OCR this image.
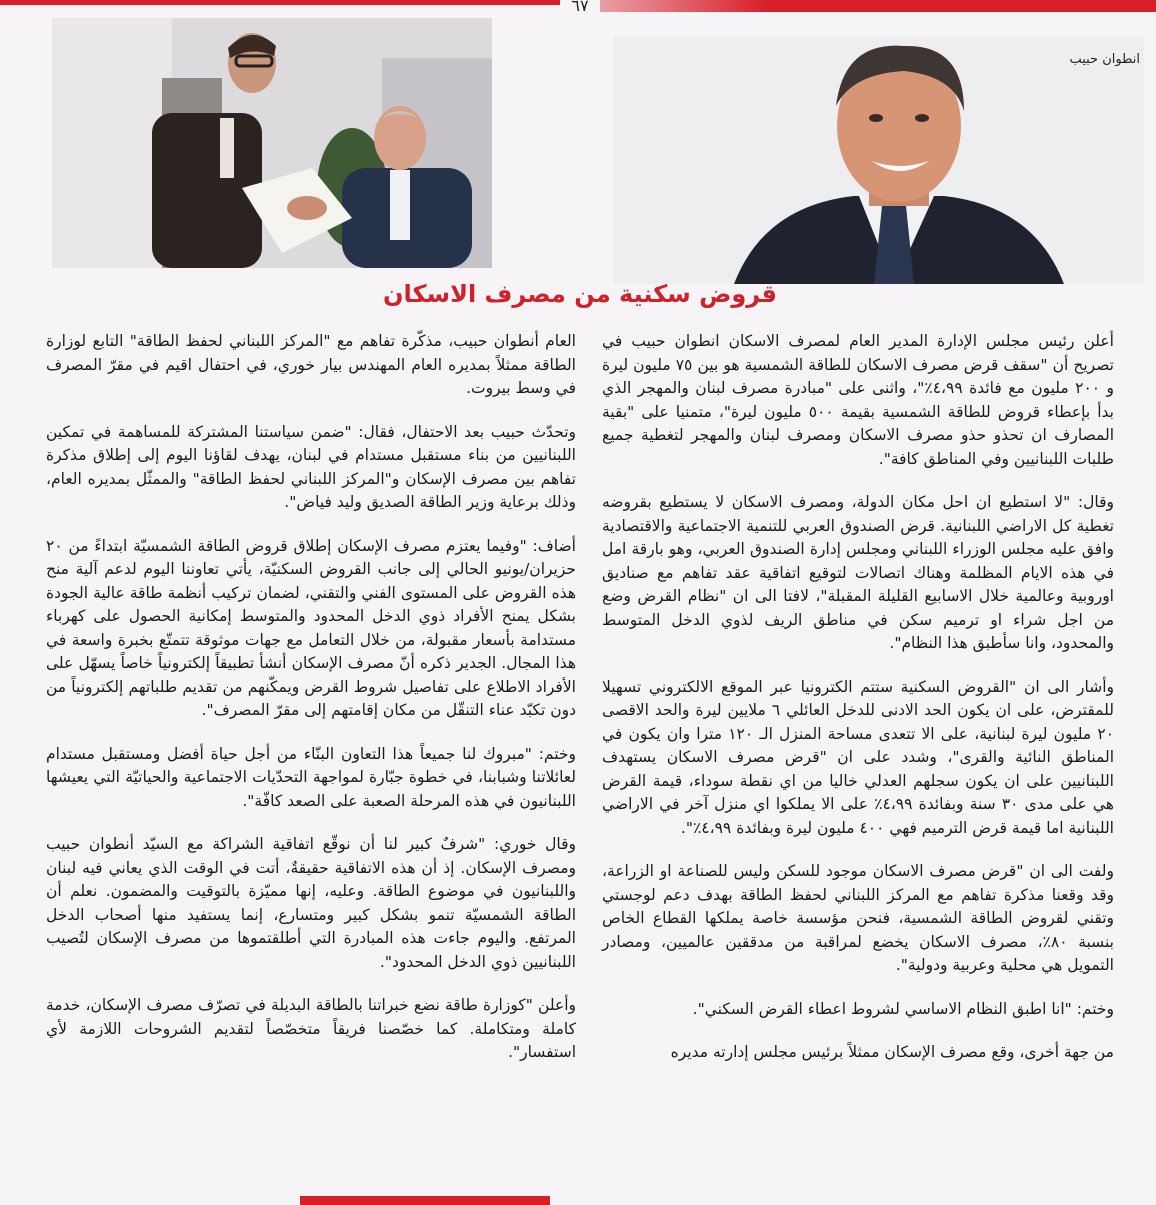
٦٧
انطوان حبيب
قروض سكنية من مصرف الاسكان

أعلن رئيس مجلس الإدارة المدير العام لمصرف الاسكان انطوان حبيب في تصريح أن "سقف قرض مصرف الاسكان للطاقة الشمسية هو بين ٧٥ مليون ليرة و ٢٠٠ مليون مع فائدة ٤،٩٩٪"، واثنى على "مبادرة مصرف لبنان والمهجر الذي بدأ بإعطاء قروض للطاقة الشمسية بقيمة ٥٠٠ مليون ليرة"، متمنيا على "بقية المصارف ان تحذو حذو مصرف الاسكان ومصرف لبنان والمهجر لتغطية جميع طلبات اللبنانيين وفي المناطق كافة".

وقال: "لا استطيع ان احل مكان الدولة، ومصرف الاسكان لا يستطيع بقروضه تغطية كل الاراضي اللبنانية. قرض الصندوق العربي للتنمية الاجتماعية والاقتصادية وافق عليه مجلس الوزراء اللبناني ومجلس إدارة الصندوق العربي، وهو بارقة امل في هذه الايام المظلمة وهناك اتصالات لتوقيع اتفاقية عقد تفاهم مع صناديق اوروبية وعالمية خلال الاسابيع القليلة المقبلة"، لافتا الى ان "نظام القرض وضع من اجل شراء او ترميم سكن في مناطق الريف لذوي الدخل المتوسط والمحدود، وانا سأطبق هذا النظام".

وأشار الى ان "القروض السكنية ستتم الكترونيا عبر الموقع الالكتروني تسهيلا للمقترض، على ان يكون الحد الادنى للدخل العائلي ٦ ملايين ليرة والحد الاقصى ٢٠ مليون ليرة لبنانية، على الا تتعدى مساحة المنزل الـ ١٢٠ مترا وان يكون في المناطق النائية والقرى"، وشدد على ان "قرض مصرف الاسكان يستهدف اللبنانيين على ان يكون سجلهم العدلي خاليا من اي نقطة سوداء، قيمة القرض هي على مدى ٣٠ سنة وبفائدة ٤،٩٩٪ على الا يملكوا اي منزل آخر في الاراضي اللبنانية اما قيمة قرض الترميم فهي ٤٠٠ مليون ليرة وبفائدة ٤،٩٩٪".

ولفت الى ان "قرض مصرف الاسكان موجود للسكن وليس للصناعة او الزراعة، وقد وقعنا مذكرة تفاهم مع المركز اللبناني لحفظ الطاقة بهدف دعم لوجستي وتقني لقروض الطاقة الشمسية، فنحن مؤسسة خاصة يملكها القطاع الخاص بنسبة ٨٠٪، مصرف الاسكان يخضع لمراقبة من مدققين عالميين، ومصادر التمويل هي محلية وعربية ودولية".

وختم: "انا اطبق النظام الاساسي لشروط اعطاء القرض السكني".

من جهة أخرى، وقع مصرف الإسكان ممثلاً برئيس مجلس إدارته مديره

العام أنطوان حبيب، مذكّرة تفاهم مع "المركز اللبناني لحفظ الطاقة" التابع لوزارة الطاقة ممثلاً بمديره العام المهندس بيار خوري، في احتفال اقيم في مقرّ المصرف في وسط بيروت.

وتحدّث حبيب بعد الاحتفال، فقال: "ضمن سياستنا المشتركة للمساهمة في تمكين اللبنانيين من بناء مستقبل مستدام في لبنان، يهدف لقاؤنا اليوم إلى إطلاق مذكرة تفاهم بين مصرف الإسكان و"المركز اللبناني لحفظ الطاقة" والممثّل بمديره العام، وذلك برعاية وزير الطاقة الصديق وليد فياض".

أضاف: "وفيما يعتزم مصرف الإسكان إطلاق قروض الطاقة الشمسيّة ابتداءً من ٢٠ حزيران/يونيو الحالي إلى جانب القروض السكنيّة، يأتي تعاوننا اليوم لدعم آلية منح هذه القروض على المستوى الفني والتقني، لضمان تركيب أنظمة طاقة عالية الجودة بشكل يمنح الأفراد ذوي الدخل المحدود والمتوسط إمكانية الحصول على كهرباء مستدامة بأسعار مقبولة، من خلال التعامل مع جهات موثوقة تتمتّع بخبرة واسعة في هذا المجال. الجدير ذكره أنّ مصرف الإسكان أنشأ تطبيقاً إلكترونياً خاصاً يسهّل على الأفراد الاطلاع على تفاصيل شروط القرض ويمكّنهم من تقديم طلباتهم إلكترونياً من دون تكبّد عناء التنقّل من مكان إقامتهم إلى مقرّ المصرف".

وختم: "مبروك لنا جميعاً هذا التعاون البنّاء من أجل حياة أفضل ومستقبل مستدام لعائلاتنا وشبابنا، في خطوة جبّارة لمواجهة التحدّيات الاجتماعية والحياتيّة التي يعيشها اللبنانيون في هذه المرحلة الصعبة على الصعد كافّة".

وقال خوري: "شرفٌ كبير لنا أن نوقّع اتفاقية الشراكة مع السيّد أنطوان حبيب ومصرف الإسكان. إذ أن هذه الاتفاقية حقيقةٌ، أتت في الوقت الذي يعاني فيه لبنان واللبنانيون في موضوع الطاقة. وعليه، إنها مميّزة بالتوقيت والمضمون. نعلم أن الطاقة الشمسيّة تنمو بشكل كبير ومتسارع، إنما يستفيد منها أصحاب الدخل المرتفع. واليوم جاءت هذه المبادرة التي أطلقتموها من مصرف الإسكان لتُصيب اللبنانيين ذوي الدخل المحدود".

وأعلن "كوزارة طاقة نضع خبراتنا بالطاقة البديلة في تصرّف مصرف الإسكان، خدمة كاملة ومتكاملة. كما خصّصنا فريقاً متخصّصاً لتقديم الشروحات اللازمة لأي استفسار".
